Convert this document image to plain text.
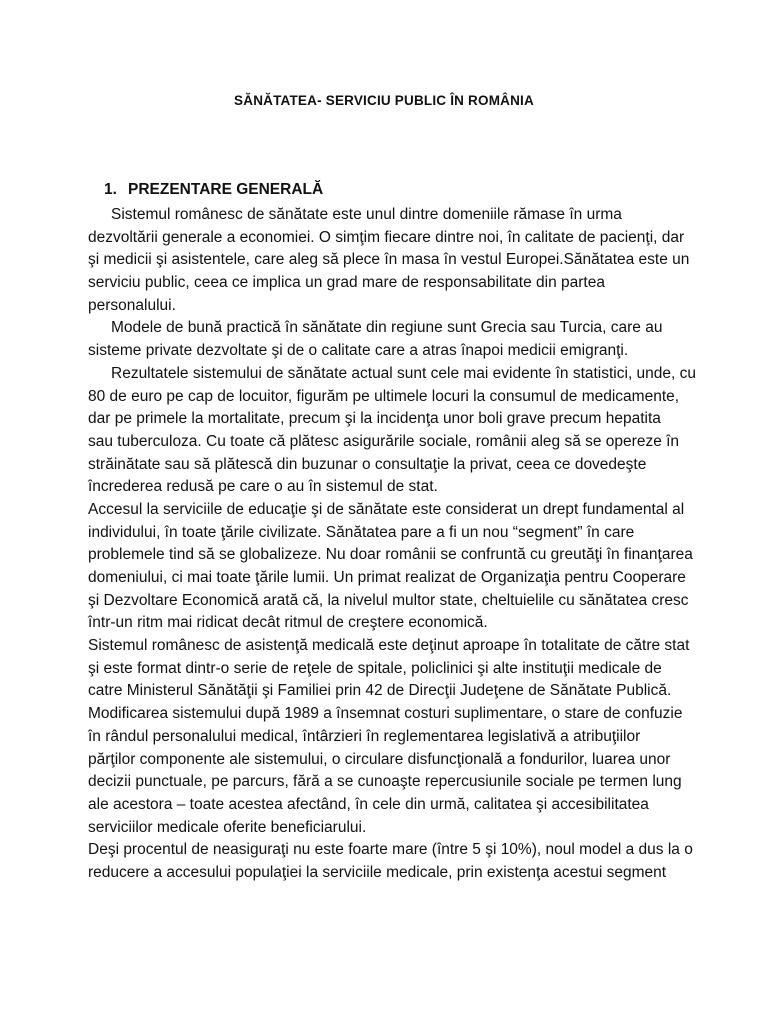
SĂNĂTATEA- SERVICIU PUBLIC ÎN ROMÂNIA
1. PREZENTARE GENERALĂ
Sistemul românesc de sănătate este unul dintre domeniile rămase în urma
dezvoltării generale a economiei. O simţim fiecare dintre noi, în calitate de pacienţi, dar
şi medicii şi asistentele, care aleg să plece în masa în vestul Europei.Sănătatea este un
serviciu public, ceea ce implica un grad mare de responsabilitate din partea
personalului.
Modele de bună practică în sănătate din regiune sunt Grecia sau Turcia, care au
sisteme private dezvoltate şi de o calitate care a atras înapoi medicii emigranţi.
Rezultatele sistemului de sănătate actual sunt cele mai evidente în statistici, unde, cu
80 de euro pe cap de locuitor, figurăm pe ultimele locuri la consumul de medicamente,
dar pe primele la mortalitate, precum şi la incidenţa unor boli grave precum hepatita
sau tuberculoza. Cu toate că plătesc asigurările sociale, românii aleg să se opereze în
străinătate sau să plătescă din buzunar o consultaţie la privat, ceea ce dovedeşte
încrederea redusă pe care o au în sistemul de stat.
Accesul la serviciile de educaţie şi de sănătate este considerat un drept fundamental al
individului, în toate ţările civilizate. Sănătatea pare a fi un nou “segment” în care
problemele tind să se globalizeze. Nu doar românii se confruntă cu greutăţi în finanţarea
domeniului, ci mai toate ţările lumii. Un primat realizat de Organizaţia pentru Cooperare
şi Dezvoltare Economică arată că, la nivelul multor state, cheltuielile cu sănătatea cresc
într-un ritm mai ridicat decât ritmul de creştere economică.
Sistemul românesc de asistenţă medicală este deţinut aproape în totalitate de către stat
şi este format dintr-o serie de reţele de spitale, policlinici şi alte instituţii medicale de
catre Ministerul Sănătăţii şi Familiei prin 42 de Direcţii Judeţene de Sănătate Publică.
Modificarea sistemului după 1989 a însemnat costuri suplimentare, o stare de confuzie
în rândul personalului medical, întârzieri în reglementarea legislativă a atribuţiilor
părţilor componente ale sistemului, o circulare disfuncţională a fondurilor, luarea unor
decizii punctuale, pe parcurs, fără a se cunoaşte repercusiunile sociale pe termen lung
ale acestora – toate acestea afectând, în cele din urmă, calitatea şi accesibilitatea
serviciilor medicale oferite beneficiarului.
Deşi procentul de neasiguraţi nu este foarte mare (între 5 şi 10%), noul model a dus la o
reducere a accesului populaţiei la serviciile medicale, prin existenţa acestui segment
